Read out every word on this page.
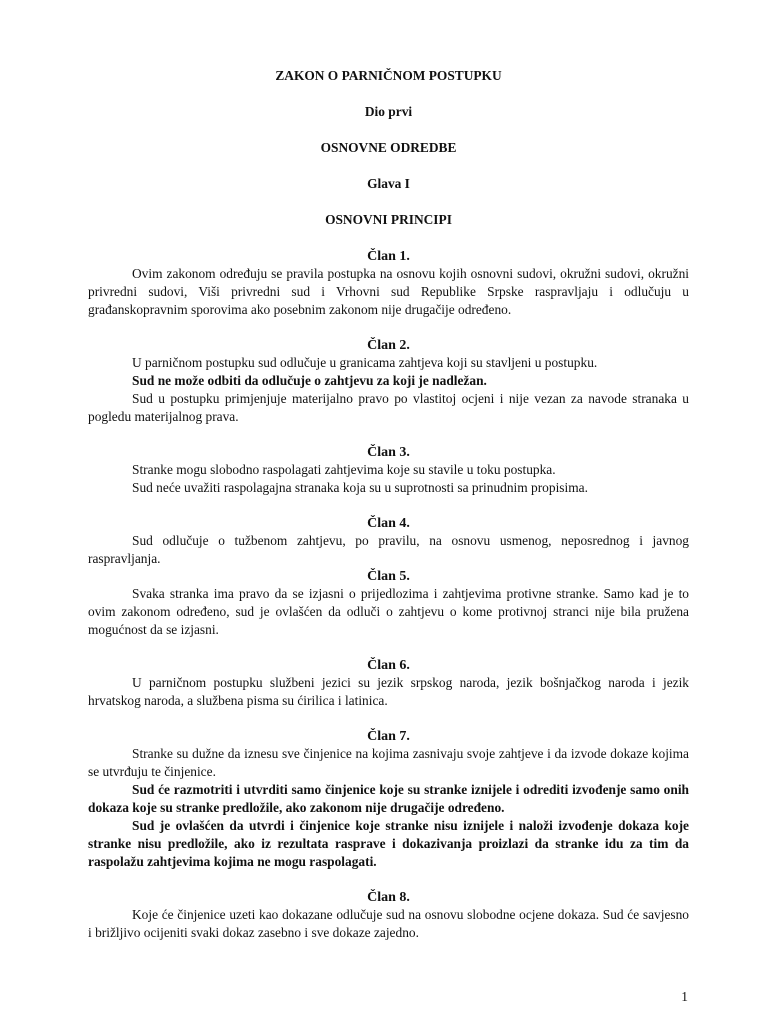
ZAKON O PARNIČNOM POSTUPKU

Dio prvi

OSNOVNE ODREDBE

Glava I

OSNOVNI PRINCIPI

Član 1.

Ovim zakonom određuju se pravila postupka na osnovu kojih osnovni sudovi, okružni sudovi, okružni privredni sudovi, Viši privredni sud i Vrhovni sud Republike Srpske raspravljaju i odlučuju u građanskopravnim sporovima ako posebnim zakonom nije drugačije određeno.

Član 2.

U parničnom postupku sud odlučuje u granicama zahtjeva koji su stavljeni u postupku.

Sud ne može odbiti da odlučuje o zahtjevu za koji je nadležan.

Sud u postupku primjenjuje materijalno pravo po vlastitoj ocjeni i nije vezan za navode stranaka u pogledu materijalnog prava.

Član 3.

Stranke mogu slobodno raspolagati zahtjevima koje su stavile u toku postupka.

Sud neće uvažiti raspolagajna stranaka koja su u suprotnosti sa prinudnim propisima.

Član 4.

Sud odlučuje o tužbenom zahtjevu, po pravilu, na osnovu usmenog, neposrednog i javnog raspravljanja.

Član 5.

Svaka stranka ima pravo da se izjasni o prijedlozima i zahtjevima protivne stranke. Samo kad je to ovim zakonom određeno, sud je ovlašćen da odluči o zahtjevu o kome protivnoj stranci nije bila pružena mogućnost da se izjasni.

Član 6.

U parničnom postupku službeni jezici su jezik srpskog naroda, jezik bošnjačkog naroda i jezik hrvatskog naroda, a službena pisma su ćirilica i latinica.

Član 7.

Stranke su dužne da iznesu sve činjenice na kojima zasnivaju svoje zahtjeve i da izvode dokaze kojima se utvrđuju te činjenice.

Sud će razmotriti i utvrditi samo činjenice koje su stranke iznijele i odrediti izvođenje samo onih dokaza koje su stranke predložile, ako zakonom nije drugačije određeno.

Sud je ovlašćen da utvrdi i činjenice koje stranke nisu iznijele i naloži izvođenje dokaza koje stranke nisu predložile, ako iz rezultata rasprave i dokazivanja proizlazi da stranke idu za tim da raspolažu zahtjevima kojima ne mogu raspolagati.

Član 8.

Koje će činjenice uzeti kao dokazane odlučuje sud na osnovu slobodne ocjene dokaza. Sud će savjesno i brižljivo ocijeniti svaki dokaz zasebno i sve dokaze zajedno.

1
